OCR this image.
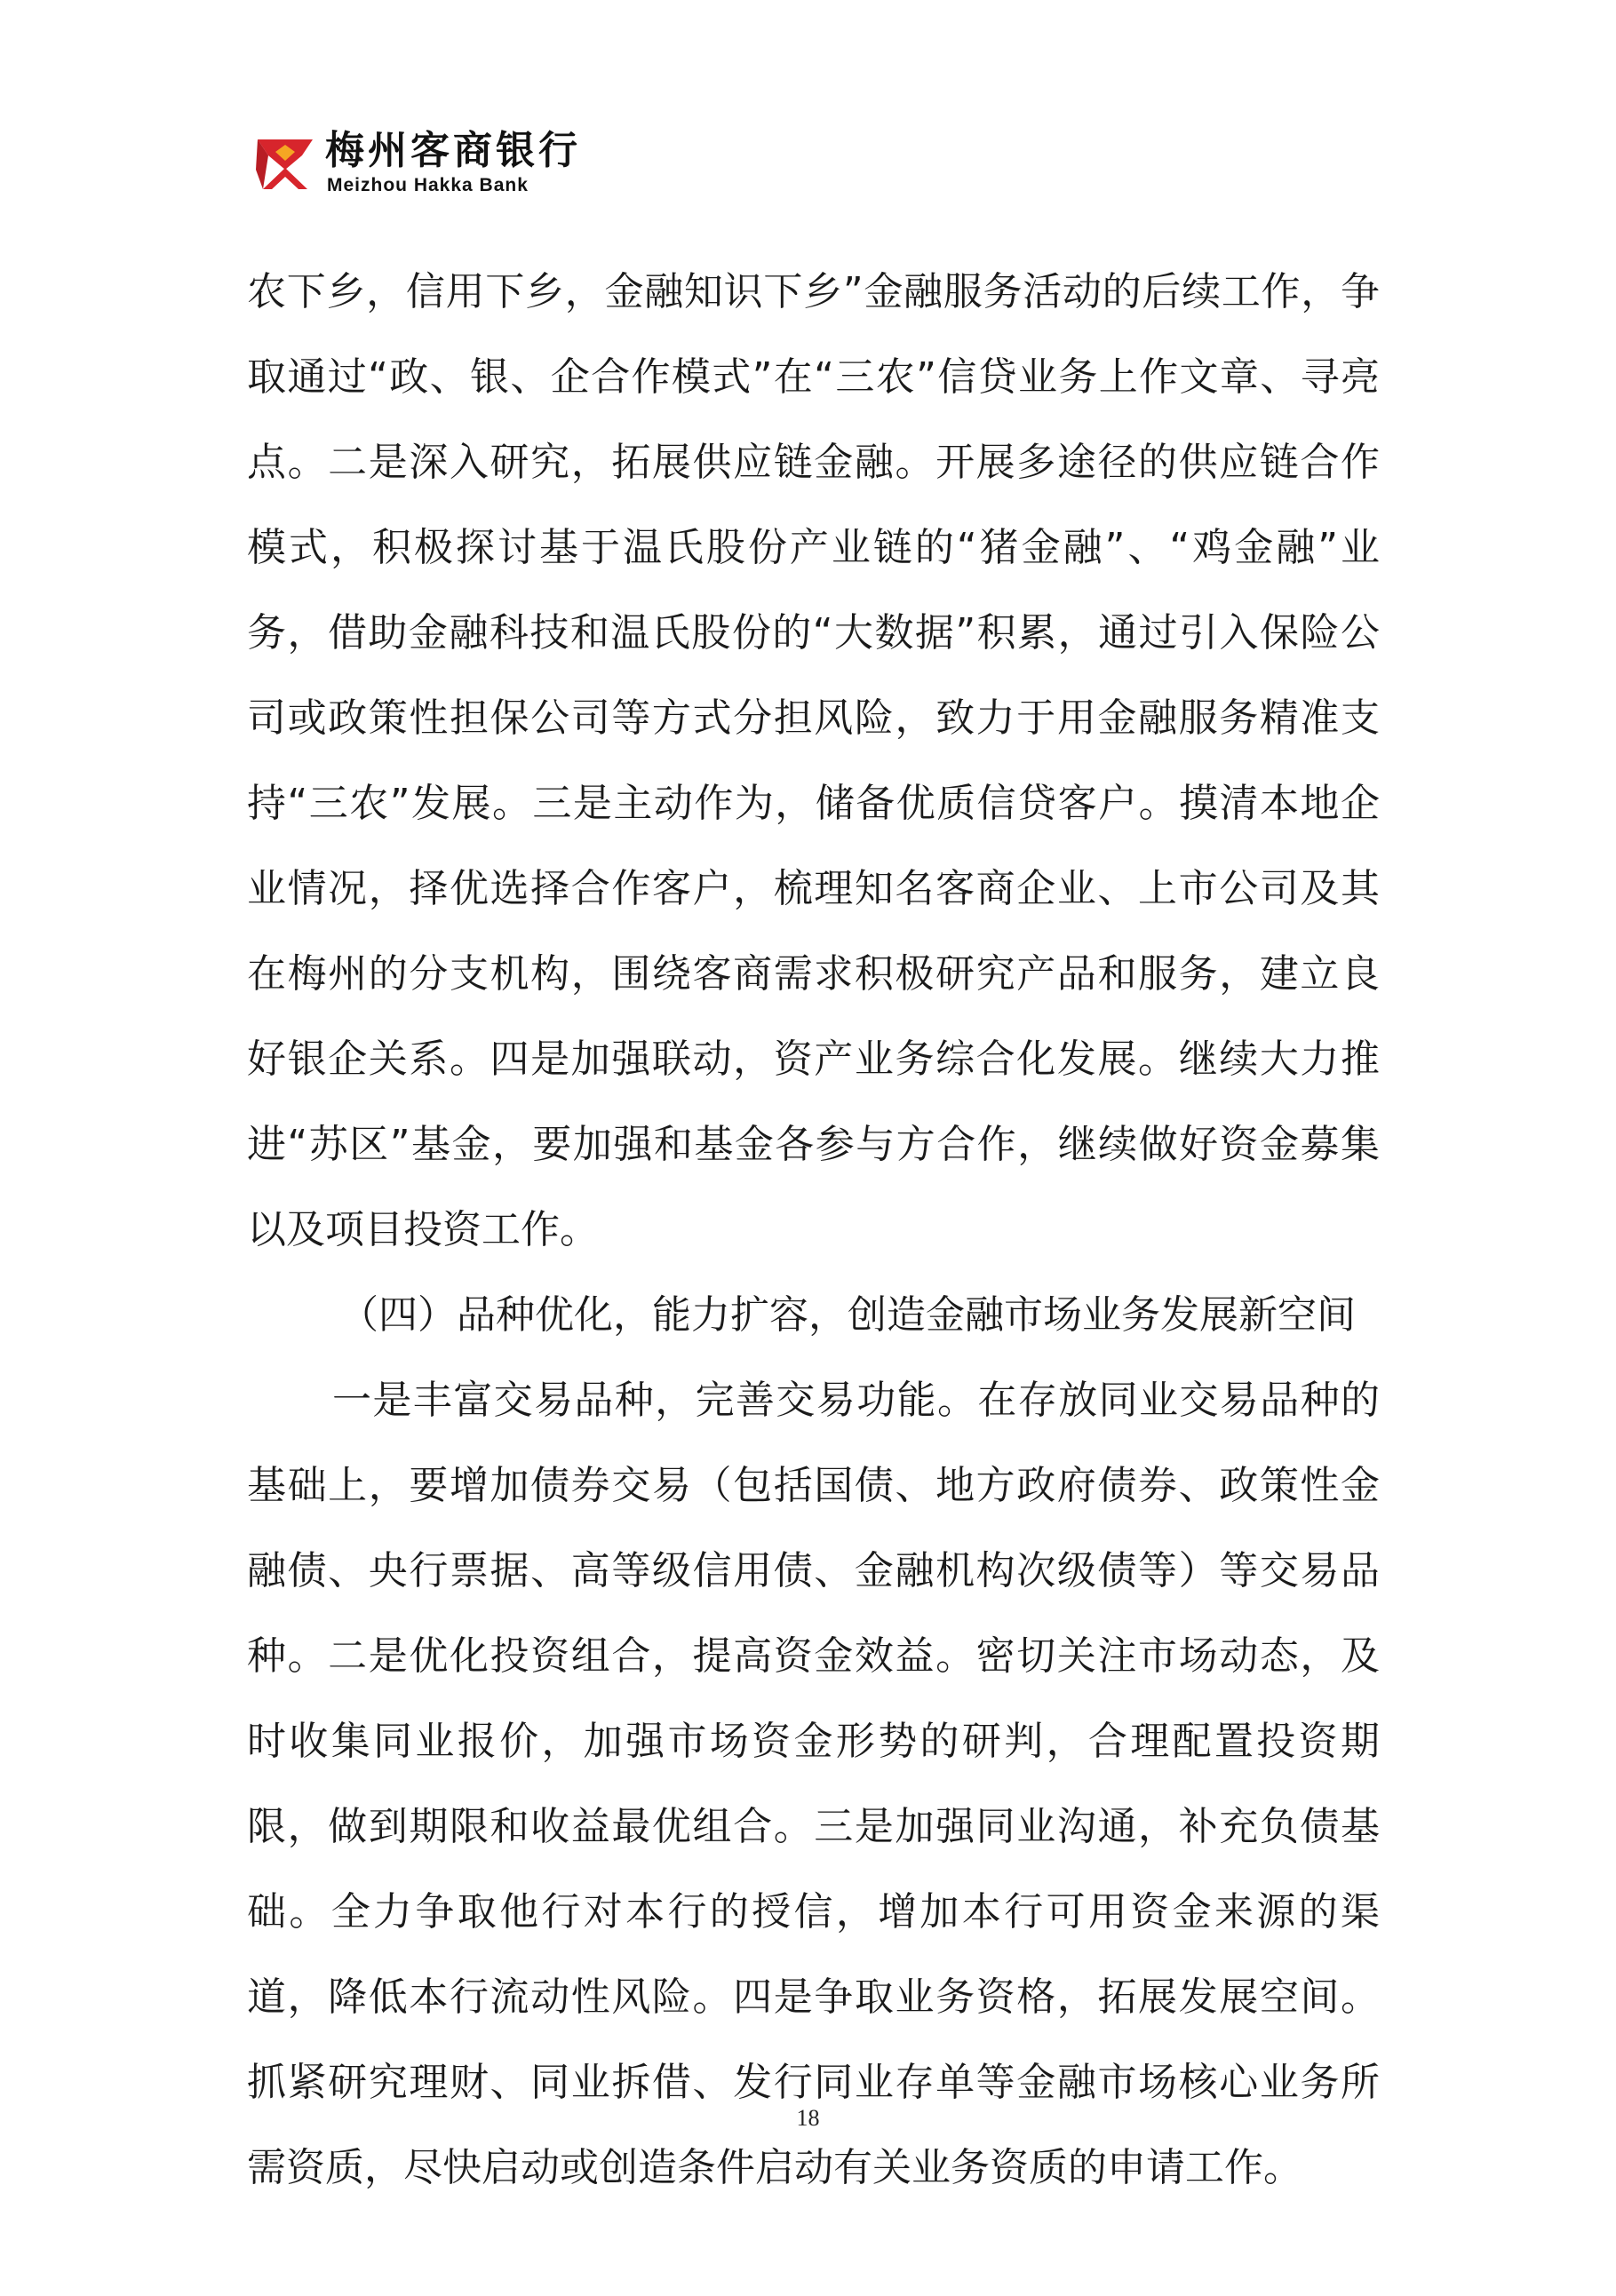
梅州客商银行
Meizhou Hakka Bank

农下乡，信用下乡，金融知识下乡”金融服务活动的后续工作，争取通过“政、银、企合作模式”在“三农”信贷业务上作文章、寻亮点。二是深入研究，拓展供应链金融。开展多途径的供应链合作模式，积极探讨基于温氏股份产业链的“猪金融”、“鸡金融”业务，借助金融科技和温氏股份的“大数据”积累，通过引入保险公司或政策性担保公司等方式分担风险，致力于用金融服务精准支持“三农”发展。三是主动作为，储备优质信贷客户。摸清本地企业情况，择优选择合作客户，梳理知名客商企业、上市公司及其在梅州的分支机构，围绕客商需求积极研究产品和服务，建立良好银企关系。四是加强联动，资产业务综合化发展。继续大力推进“苏区”基金，要加强和基金各参与方合作，继续做好资金募集以及项目投资工作。

（四）品种优化，能力扩容，创造金融市场业务发展新空间

一是丰富交易品种，完善交易功能。在存放同业交易品种的基础上，要增加债券交易（包括国债、地方政府债券、政策性金融债、央行票据、高等级信用债、金融机构次级债等）等交易品种。二是优化投资组合，提高资金效益。密切关注市场动态，及时收集同业报价，加强市场资金形势的研判，合理配置投资期限，做到期限和收益最优组合。三是加强同业沟通，补充负债基础。全力争取他行对本行的授信，增加本行可用资金来源的渠道，降低本行流动性风险。四是争取业务资格，拓展发展空间。抓紧研究理财、同业拆借、发行同业存单等金融市场核心业务所需资质，尽快启动或创造条件启动有关业务资质的申请工作。

18
